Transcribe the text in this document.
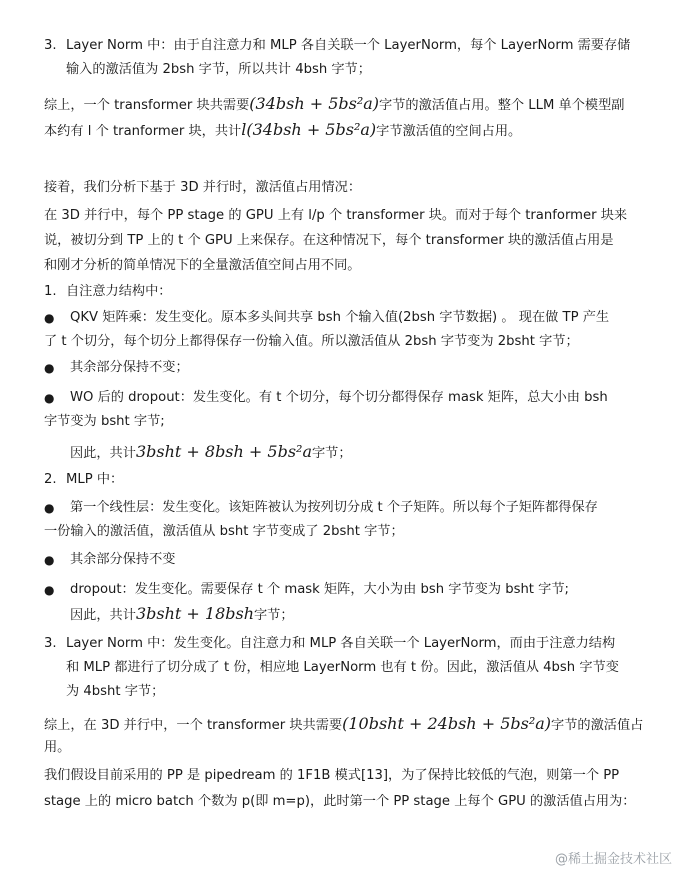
3. Layer Norm 中：由于自注意力和 MLP 各自关联一个 LayerNorm，每个 LayerNorm 需要存储
输入的激活值为 2bsh 字节，所以共计 4bsh 字节；
综上，一个 transformer 块共需要(34bsh + 5bs²a)字节的激活值占用。整个 LLM 单个模型副
本约有 l 个 tranformer 块，共计l(34bsh + 5bs²a)字节激活值的空间占用。
接着，我们分析下基于 3D 并行时，激活值占用情况：
在 3D 并行中，每个 PP stage 的 GPU 上有 l/p 个 transformer 块。而对于每个 tranformer 块来
说，被切分到 TP 上的 t 个 GPU 上来保存。在这种情况下，每个 transformer 块的激活值占用是
和刚才分析的简单情况下的全量激活值空间占用不同。
1. 自注意力结构中：
● QKV 矩阵乘：发生变化。原本多头间共享 bsh 个输入值(2bsh 字节数据) 。 现在做 TP 产生
了 t 个切分，每个切分上都得保存一份输入值。所以激活值从 2bsh 字节变为 2bsht 字节；
● 其余部分保持不变；
● WO 后的 dropout：发生变化。有 t 个切分，每个切分都得保存 mask 矩阵，总大小由 bsh
字节变为 bsht 字节;
因此，共计3bsht + 8bsh + 5bs²a字节；
2. MLP 中：
● 第一个线性层：发生变化。该矩阵被认为按列切分成 t 个子矩阵。所以每个子矩阵都得保存
一份输入的激活值，激活值从 bsht 字节变成了 2bsht 字节；
● 其余部分保持不变
● dropout：发生变化。需要保存 t 个 mask 矩阵，大小为由 bsh 字节变为 bsht 字节;
因此，共计3bsht + 18bsh字节；
3. Layer Norm 中：发生变化。自注意力和 MLP 各自关联一个 LayerNorm，而由于注意力结构
和 MLP 都进行了切分成了 t 份，相应地 LayerNorm 也有 t 份。因此，激活值从 4bsh 字节变
为 4bsht 字节；
综上，在 3D 并行中，一个 transformer 块共需要(10bsht + 24bsh + 5bs²a)字节的激活值占
用。
我们假设目前采用的 PP 是 pipedream 的 1F1B 模式[13]，为了保持比较低的气泡，则第一个 PP
stage 上的 micro batch 个数为 p(即 m=p)，此时第一个 PP stage 上每个 GPU 的激活值占用为：
@稀土掘金技术社区
